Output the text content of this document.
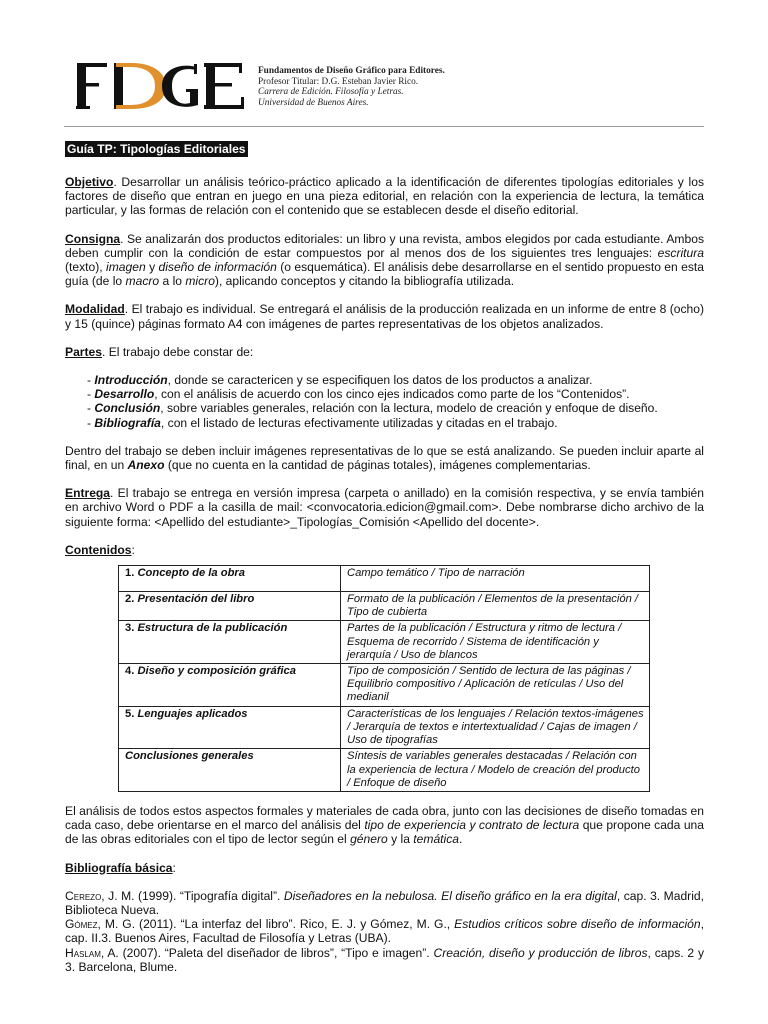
Fundamentos de Diseño Gráfico para Editores.
Profesor Titular: D.G. Esteban Javier Rico.
Carrera de Edición. Filosofía y Letras.
Universidad de Buenos Aires.
Guía TP: Tipologías Editoriales

Objetivo. Desarrollar un análisis teórico-práctico aplicado a la identificación de diferentes tipologías editoriales y los factores de diseño que entran en juego en una pieza editorial, en relación con la experiencia de lectura, la temática particular, y las formas de relación con el contenido que se establecen desde el diseño editorial.

Consigna. Se analizarán dos productos editoriales: un libro y una revista, ambos elegidos por cada estudiante. Ambos deben cumplir con la condición de estar compuestos por al menos dos de los siguientes tres lenguajes: escritura (texto), imagen y diseño de información (o esquemática). El análisis debe desarrollarse en el sentido propuesto en esta guía (de lo macro a lo micro), aplicando conceptos y citando la bibliografía utilizada.

Modalidad. El trabajo es individual. Se entregará el análisis de la producción realizada en un informe de entre 8 (ocho) y 15 (quince) páginas formato A4 con imágenes de partes representativas de los objetos analizados.

Partes. El trabajo debe constar de:

- Introducción, donde se caractericen y se especifiquen los datos de los productos a analizar.
- Desarrollo, con el análisis de acuerdo con los cinco ejes indicados como parte de los “Contenidos”.
- Conclusión, sobre variables generales, relación con la lectura, modelo de creación y enfoque de diseño.
- Bibliografía, con el listado de lecturas efectivamente utilizadas y citadas en el trabajo.

Dentro del trabajo se deben incluir imágenes representativas de lo que se está analizando. Se pueden incluir aparte al final, en un Anexo (que no cuenta en la cantidad de páginas totales), imágenes complementarias.

Entrega. El trabajo se entrega en versión impresa (carpeta o anillado) en la comisión respectiva, y se envía también en archivo Word o PDF a la casilla de mail: <convocatoria.edicion@gmail.com>. Debe nombrarse dicho archivo de la siguiente forma: <Apellido del estudiante>_Tipologías_Comisión <Apellido del docente>.

Contenidos:

1. Concepto de la obra	Campo temático / Tipo de narración
2. Presentación del libro	Formato de la publicación / Elementos de la presentación / Tipo de cubierta
3. Estructura de la publicación	Partes de la publicación / Estructura y ritmo de lectura / Esquema de recorrido / Sistema de identificación y jerarquía / Uso de blancos
4. Diseño y composición gráfica	Tipo de composición / Sentido de lectura de las páginas / Equilibrio compositivo / Aplicación de retículas / Uso del medianil
5. Lenguajes aplicados	Características de los lenguajes / Relación textos-imágenes / Jerarquía de textos e intertextualidad / Cajas de imagen / Uso de tipografías
Conclusiones generales	Síntesis de variables generales destacadas / Relación con la experiencia de lectura / Modelo de creación del producto / Enfoque de diseño

El análisis de todos estos aspectos formales y materiales de cada obra, junto con las decisiones de diseño tomadas en cada caso, debe orientarse en el marco del análisis del tipo de experiencia y contrato de lectura que propone cada una de las obras editoriales con el tipo de lector según el género y la temática.

Bibliografía básica:

Cerezo, J. M. (1999). “Tipografía digital”. Diseñadores en la nebulosa. El diseño gráfico en la era digital, cap. 3. Madrid, Biblioteca Nueva.

Gómez, M. G. (2011). “La interfaz del libro”. Rico, E. J. y Gómez, M. G., Estudios críticos sobre diseño de información, cap. II.3. Buenos Aires, Facultad de Filosofía y Letras (UBA).

Haslam, A. (2007). “Paleta del diseñador de libros”, “Tipo e imagen”. Creación, diseño y producción de libros, caps. 2 y 3. Barcelona, Blume.
